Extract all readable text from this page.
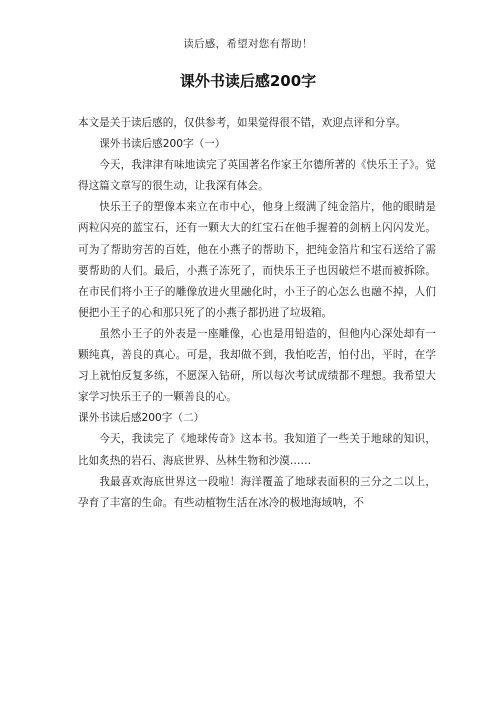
读后感，希望对您有帮助！
课外书读后感200字

本文是关于读后感的，仅供参考，如果觉得很不错，欢迎点评和分享。

课外书读后感200字（一）

今天，我津津有味地读完了英国著名作家王尔德所著的《快乐王子》。觉得这篇文章写的很生动，让我深有体会。

快乐王子的塑像本来立在市中心，他身上缀满了纯金箔片，他的眼睛是两粒闪亮的蓝宝石，还有一颗大大的红宝石在他手握着的剑柄上闪闪发光。可为了帮助穷苦的百姓，他在小燕子的帮助下，把纯金箔片和宝石送给了需要帮助的人们。最后，小燕子冻死了，而快乐王子也因破烂不堪而被拆除。在市民们将小王子的雕像放进火里融化时，小王子的心怎么也融不掉，人们便把小王子的心和那只死了的小燕子都扔进了垃圾箱。

虽然小王子的外表是一座雕像，心也是用铅造的，但他内心深处却有一颗纯真，善良的真心。可是，我却做不到，我怕吃苦，怕付出，平时，在学习上就怕反复多练，不愿深入钻研，所以每次考试成绩都不理想。我希望大家学习快乐王子的一颗善良的心。

课外书读后感200字（二）

今天，我读完了《地球传奇》这本书。我知道了一些关于地球的知识，比如炙热的岩石、海底世界、丛林生物和沙漠……

我最喜欢海底世界这一段啦！海洋覆盖了地球表面积的三分之二以上，孕育了丰富的生命。有些动植物生活在冰冷的极地海域呐，不
